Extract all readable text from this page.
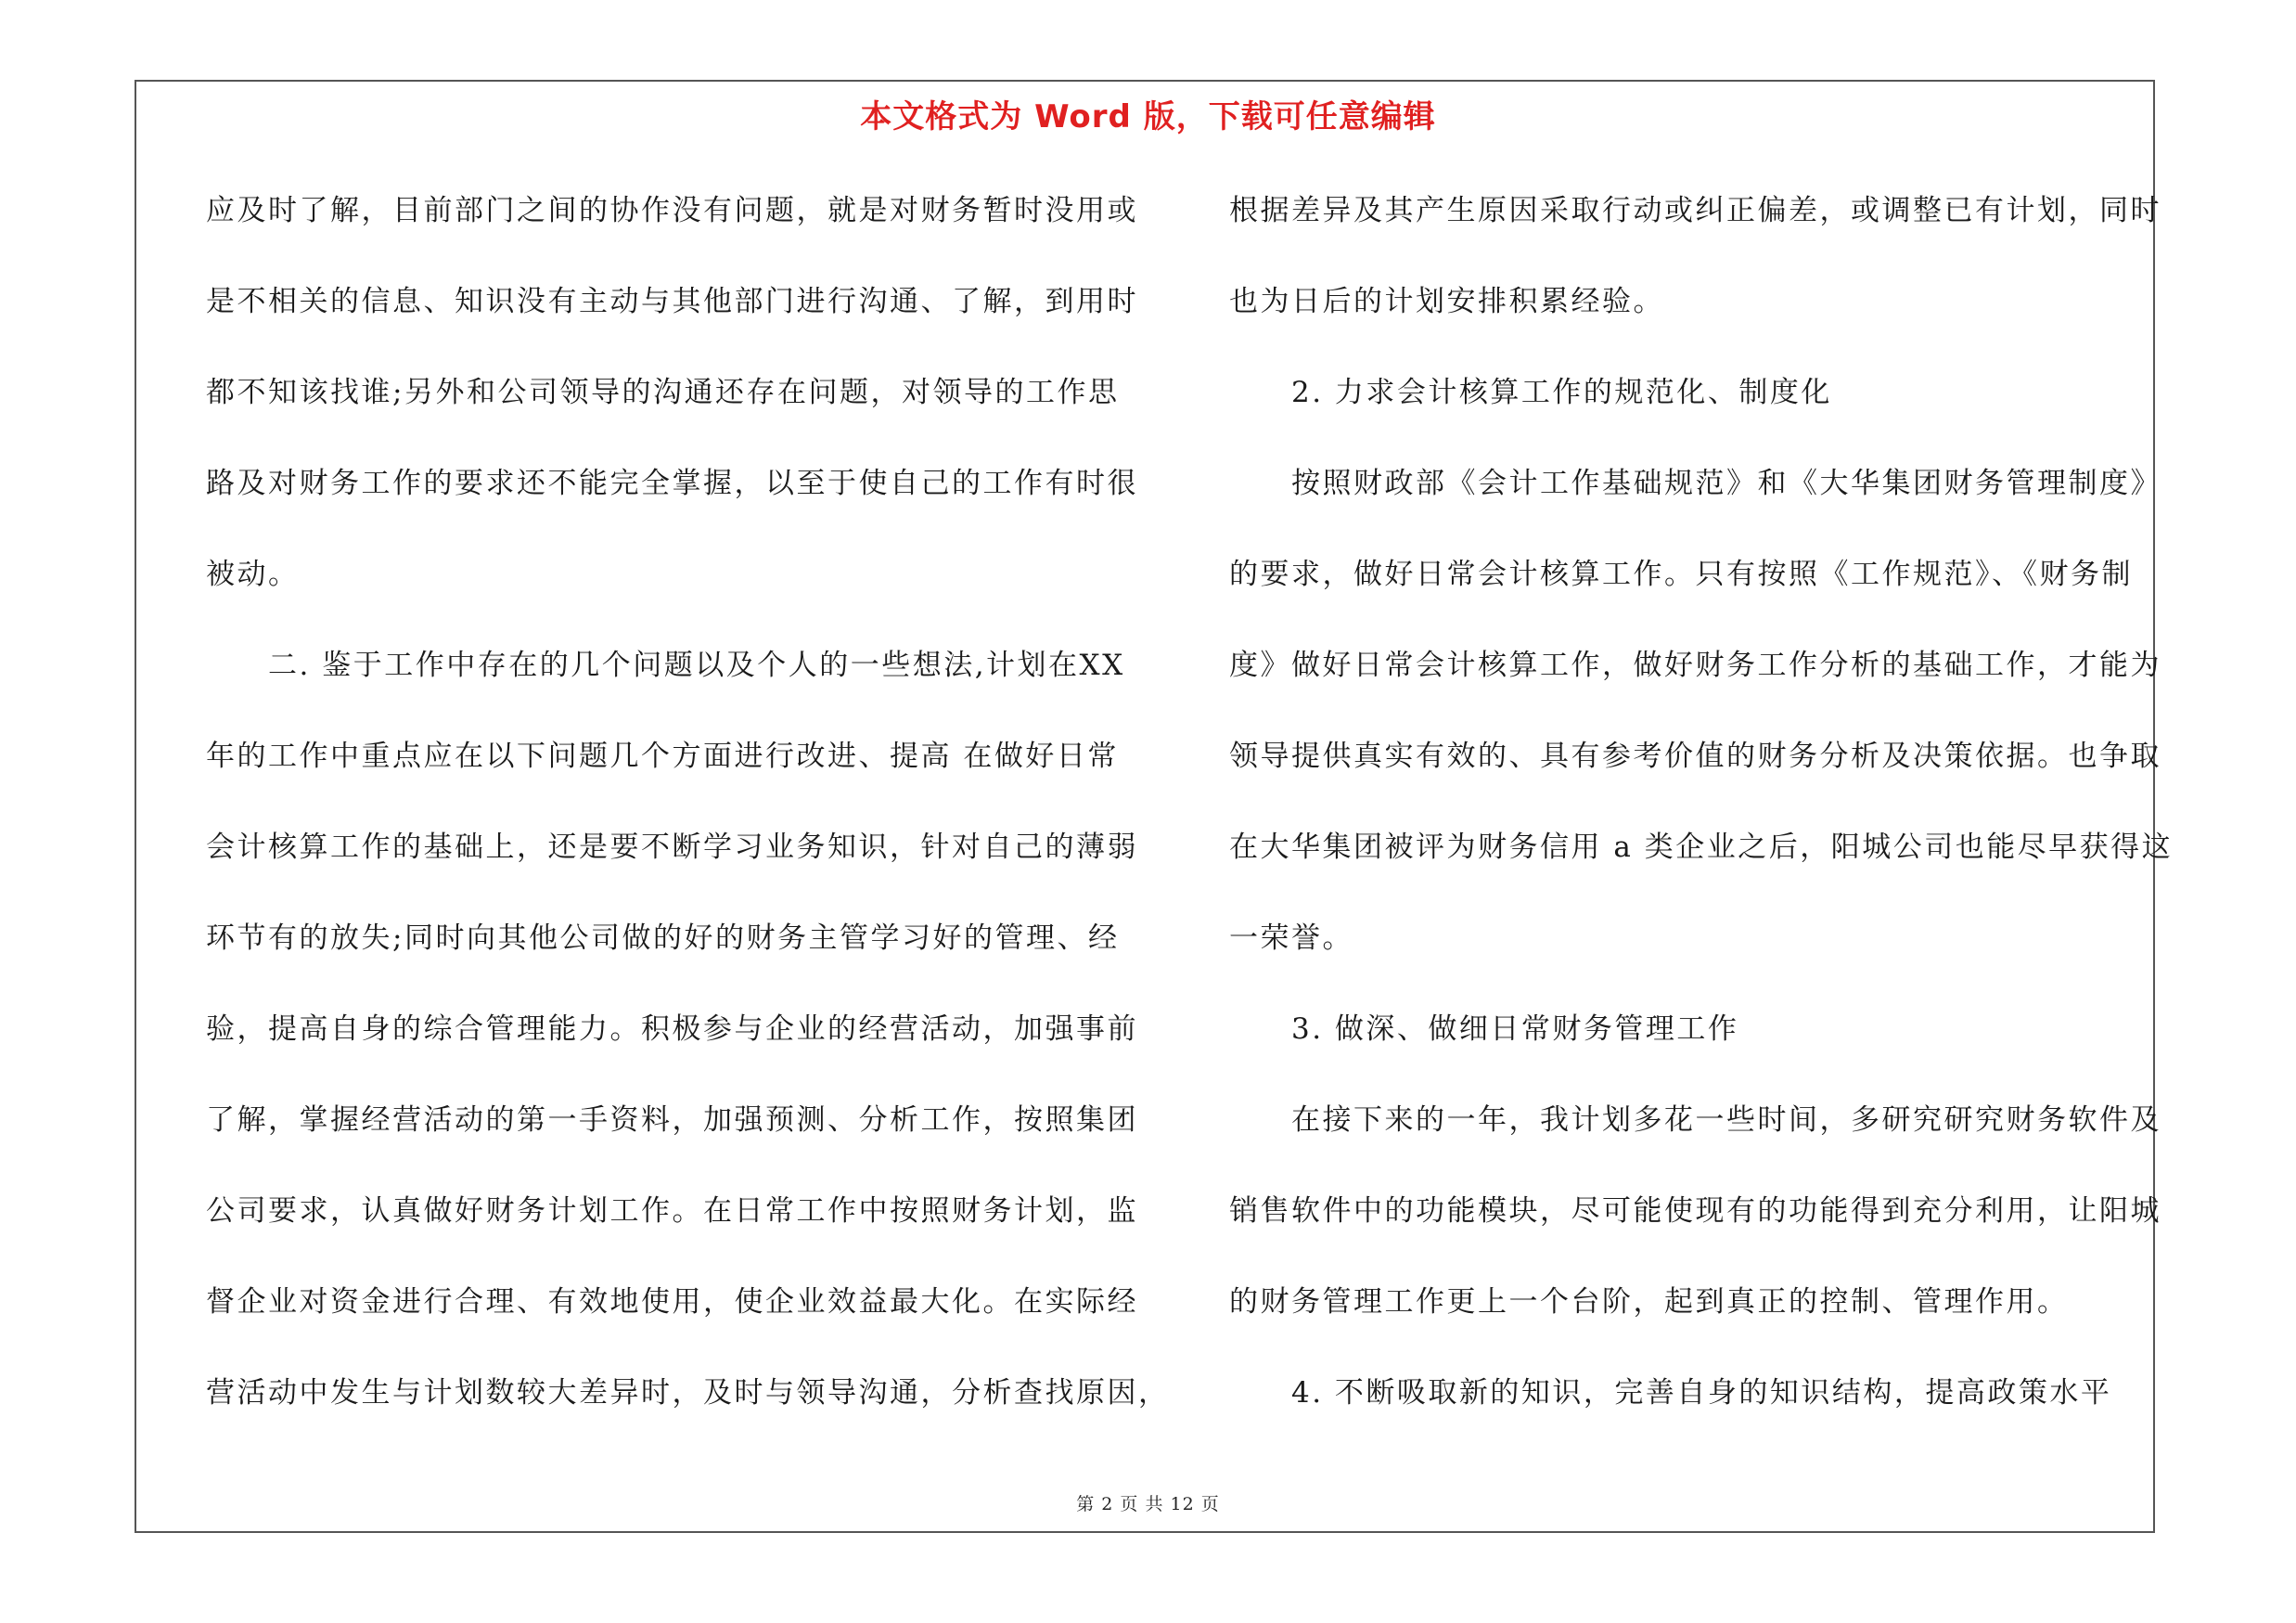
本文格式为 Word 版，下载可任意编辑
应及时了解，目前部门之间的协作没有问题，就是对财务暂时没用或
是不相关的信息、知识没有主动与其他部门进行沟通、了解，到用时
都不知该找谁;另外和公司领导的沟通还存在问题，对领导的工作思
路及对财务工作的要求还不能完全掌握，以至于使自己的工作有时很
被动。
　　二. 鉴于工作中存在的几个问题以及个人的一些想法,计划在XX
年的工作中重点应在以下问题几个方面进行改进、提高 在做好日常
会计核算工作的基础上，还是要不断学习业务知识，针对自己的薄弱
环节有的放失;同时向其他公司做的好的财务主管学习好的管理、经
验，提高自身的综合管理能力。积极参与企业的经营活动，加强事前
了解，掌握经营活动的第一手资料，加强预测、分析工作，按照集团
公司要求，认真做好财务计划工作。在日常工作中按照财务计划，监
督企业对资金进行合理、有效地使用，使企业效益最大化。在实际经
营活动中发生与计划数较大差异时，及时与领导沟通，分析查找原因，
根据差异及其产生原因采取行动或纠正偏差，或调整已有计划，同时
也为日后的计划安排积累经验。
　　2. 力求会计核算工作的规范化、制度化
　　按照财政部《会计工作基础规范》和《大华集团财务管理制度》
的要求，做好日常会计核算工作。只有按照《工作规范》、《财务制
度》做好日常会计核算工作，做好财务工作分析的基础工作，才能为
领导提供真实有效的、具有参考价值的财务分析及决策依据。也争取
在大华集团被评为财务信用 a 类企业之后，阳城公司也能尽早获得这
一荣誉。
　　3. 做深、做细日常财务管理工作
　　在接下来的一年，我计划多花一些时间，多研究研究财务软件及
销售软件中的功能模块，尽可能使现有的功能得到充分利用，让阳城
的财务管理工作更上一个台阶，起到真正的控制、管理作用。
　　4. 不断吸取新的知识，完善自身的知识结构，提高政策水平
第 2 页 共 12 页
